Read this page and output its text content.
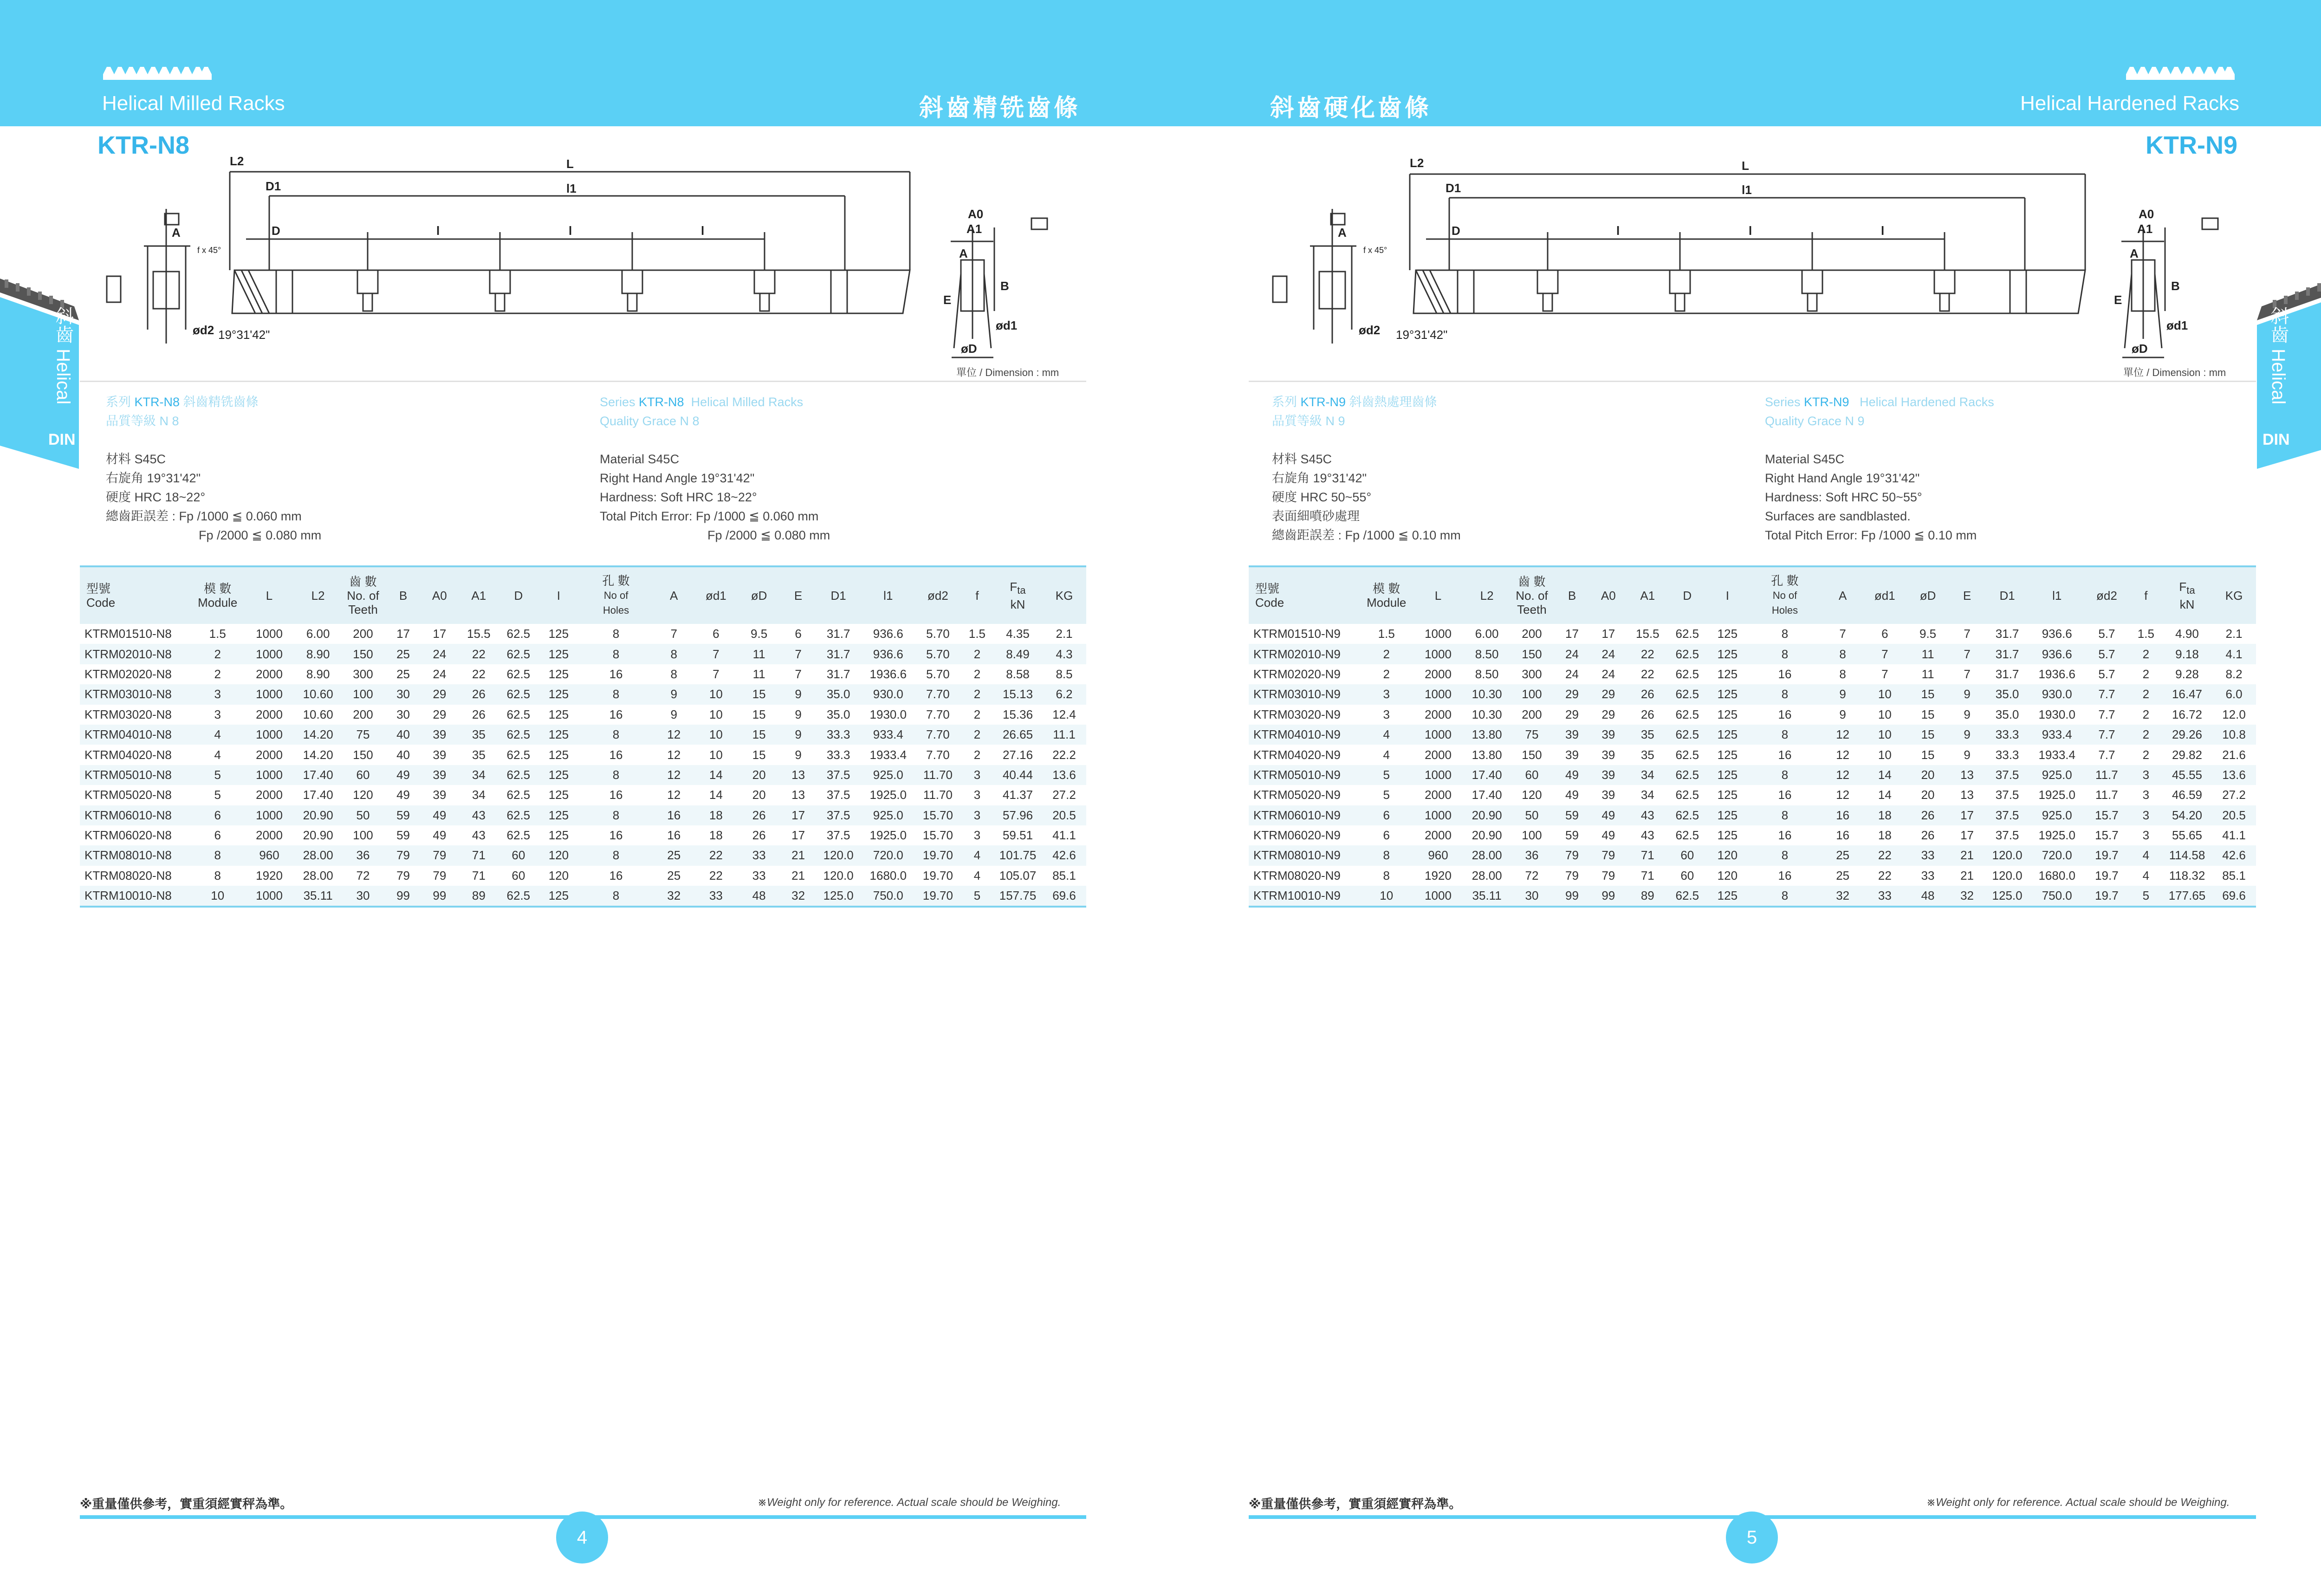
Helical Milled Racks	斜齒精铣齒條	斜齒硬化齒條	Helical Hardened Racks
KTR-N8	KTR-N9
斜齒 Helical
DIN
斜齒 Helical
DIN
L2	L
D1	l1
D	l	l	l
A
f x 45°
ød2 19°31'42"
A0
A1
A
B
E
ød1
øD
單位 / Dimension : mm
L2	L
D1	l1
D	l	l	l
A
f x 45°
ød2 19°31'42"
A0
A1
A
B
E
ød1
øD
單位 / Dimension : mm
系列 KTR-N8 斜齒精铣齒條
品質等級 N 8

材料 S45C
右旋角 19°31'42"
硬度 HRC 18~22°
總齒距誤差 : Fp /1000 ≦ 0.060 mm
Fp /2000 ≦ 0.080 mm
Series KTR-N8  Helical Milled Racks
Quality Grace N 8

Material S45C
Right Hand Angle 19°31'42"
Hardness: Soft HRC 18~22°
Total Pitch Error: Fp /1000 ≦ 0.060 mm
Fp /2000 ≦ 0.080 mm
系列 KTR-N9 斜齒熱處理齒條
品質等級 N 9

材料 S45C
右旋角 19°31'42"
硬度 HRC 50~55°
表面細噴砂處理
總齒距誤差 : Fp /1000 ≦ 0.10 mm
Series KTR-N9   Helical Hardened Racks
Quality Grace N 9

Material S45C
Right Hand Angle 19°31'42"
Hardness: Soft HRC 50~55°
Surfaces are sandblasted.
Total Pitch Error: Fp /1000 ≦ 0.10 mm
型號
Code	模 數
Module	L	L2	齒 數
No. of
Teeth	B	A0	A1	D	I	孔 數
No of
Holes	A	ød1	øD	E	D1	l1	ød2	f	$F_{ta}$
kN	KG
KTRM01510-N8	1.5	1000	6.00	200	17	17	15.5	62.5	125	8	7	6	9.5	6	31.7	936.6	5.70	1.5	4.35	2.1
KTRM02010-N8	2	1000	8.90	150	25	24	22	62.5	125	8	8	7	11	7	31.7	936.6	5.70	2	8.49	4.3
KTRM02020-N8	2	2000	8.90	300	25	24	22	62.5	125	16	8	7	11	7	31.7	1936.6	5.70	2	8.58	8.5
KTRM03010-N8	3	1000	10.60	100	30	29	26	62.5	125	8	9	10	15	9	35.0	930.0	7.70	2	15.13	6.2
KTRM03020-N8	3	2000	10.60	200	30	29	26	62.5	125	16	9	10	15	9	35.0	1930.0	7.70	2	15.36	12.4
KTRM04010-N8	4	1000	14.20	75	40	39	35	62.5	125	8	12	10	15	9	33.3	933.4	7.70	2	26.65	11.1
KTRM04020-N8	4	2000	14.20	150	40	39	35	62.5	125	16	12	10	15	9	33.3	1933.4	7.70	2	27.16	22.2
KTRM05010-N8	5	1000	17.40	60	49	39	34	62.5	125	8	12	14	20	13	37.5	925.0	11.70	3	40.44	13.6
KTRM05020-N8	5	2000	17.40	120	49	39	34	62.5	125	16	12	14	20	13	37.5	1925.0	11.70	3	41.37	27.2
KTRM06010-N8	6	1000	20.90	50	59	49	43	62.5	125	8	16	18	26	17	37.5	925.0	15.70	3	57.96	20.5
KTRM06020-N8	6	2000	20.90	100	59	49	43	62.5	125	16	16	18	26	17	37.5	1925.0	15.70	3	59.51	41.1
KTRM08010-N8	8	960	28.00	36	79	79	71	60	120	8	25	22	33	21	120.0	720.0	19.70	4	101.75	42.6
KTRM08020-N8	8	1920	28.00	72	79	79	71	60	120	16	25	22	33	21	120.0	1680.0	19.70	4	105.07	85.1
KTRM10010-N8	10	1000	35.11	30	99	99	89	62.5	125	8	32	33	48	32	125.0	750.0	19.70	5	157.75	69.6
型號
Code	模 數
Module	L	L2	齒 數
No. of
Teeth	B	A0	A1	D	I	孔 數
No of
Holes	A	ød1	øD	E	D1	l1	ød2	f	$F_{ta}$
kN	KG
KTRM01510-N9	1.5	1000	6.00	200	17	17	15.5	62.5	125	8	7	6	9.5	7	31.7	936.6	5.7	1.5	4.90	2.1
KTRM02010-N9	2	1000	8.50	150	24	24	22	62.5	125	8	8	7	11	7	31.7	936.6	5.7	2	9.18	4.1
KTRM02020-N9	2	2000	8.50	300	24	24	22	62.5	125	16	8	7	11	7	31.7	1936.6	5.7	2	9.28	8.2
KTRM03010-N9	3	1000	10.30	100	29	29	26	62.5	125	8	9	10	15	9	35.0	930.0	7.7	2	16.47	6.0
KTRM03020-N9	3	2000	10.30	200	29	29	26	62.5	125	16	9	10	15	9	35.0	1930.0	7.7	2	16.72	12.0
KTRM04010-N9	4	1000	13.80	75	39	39	35	62.5	125	8	12	10	15	9	33.3	933.4	7.7	2	29.26	10.8
KTRM04020-N9	4	2000	13.80	150	39	39	35	62.5	125	16	12	10	15	9	33.3	1933.4	7.7	2	29.82	21.6
KTRM05010-N9	5	1000	17.40	60	49	39	34	62.5	125	8	12	14	20	13	37.5	925.0	11.7	3	45.55	13.6
KTRM05020-N9	5	2000	17.40	120	49	39	34	62.5	125	16	12	14	20	13	37.5	1925.0	11.7	3	46.59	27.2
KTRM06010-N9	6	1000	20.90	50	59	49	43	62.5	125	8	16	18	26	17	37.5	925.0	15.7	3	54.20	20.5
KTRM06020-N9	6	2000	20.90	100	59	49	43	62.5	125	16	16	18	26	17	37.5	1925.0	15.7	3	55.65	41.1
KTRM08010-N9	8	960	28.00	36	79	79	71	60	120	8	25	22	33	21	120.0	720.0	19.7	4	114.58	42.6
KTRM08020-N9	8	1920	28.00	72	79	79	71	60	120	16	25	22	33	21	120.0	1680.0	19.7	4	118.32	85.1
KTRM10010-N9	10	1000	35.11	30	99	99	89	62.5	125	8	32	33	48	32	125.0	750.0	19.7	5	177.65	69.6
※重量僅供參考，實重須經實秤為準。	※Weight only for reference. Actual scale should be Weighing.
4
※重量僅供參考，實重須經實秤為準。	※Weight only for reference. Actual scale should be Weighing.
5
